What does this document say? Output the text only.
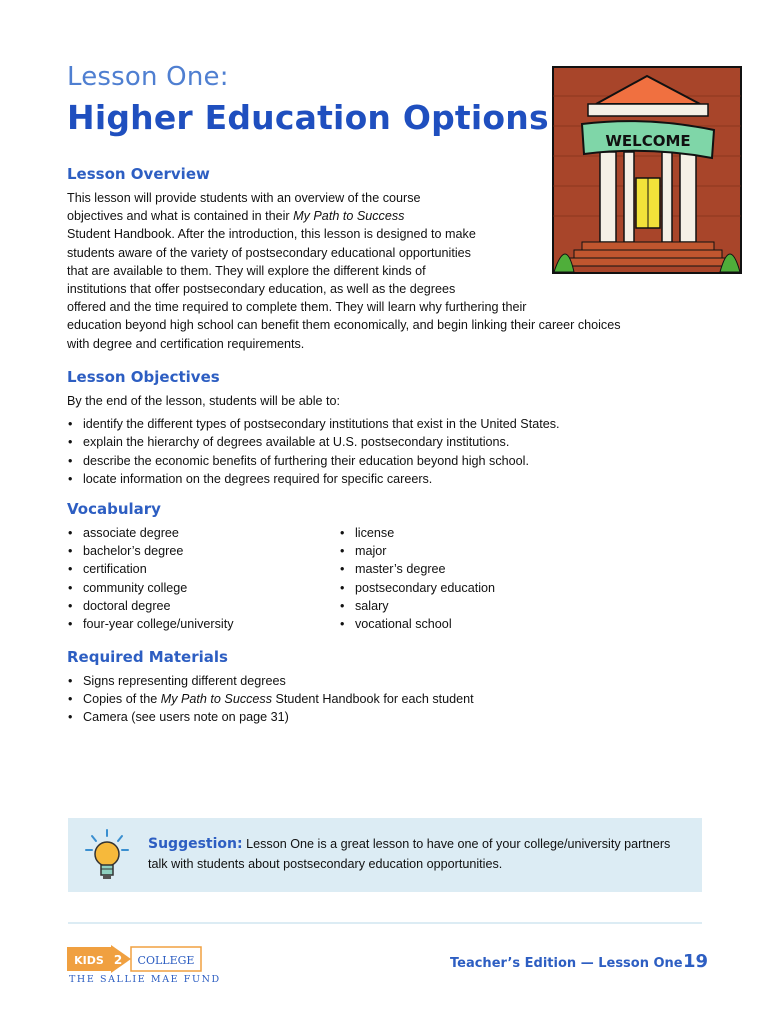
Lesson One:
Higher Education Options
WELCOME
Lesson Overview

This lesson will provide students with an overview of the course

objectives and what is contained in their My Path to Success

Student Handbook. After the introduction, this lesson is designed to make

students aware of the variety of postsecondary educational opportunities

that are available to them. They will explore the different kinds of

institutions that offer postsecondary education, as well as the degrees

offered and the time required to complete them. They will learn why furthering their

education beyond high school can benefit them economically, and begin linking their career choices

with degree and certification requirements.

Lesson Objectives

By the end of the lesson, students will be able to:

• identify the different types of postsecondary institutions that exist in the United States.
• explain the hierarchy of degrees available at U.S. postsecondary institutions.
• describe the economic benefits of furthering their education beyond high school.
• locate information on the degrees required for specific careers.
Vocabulary
• associate degree
• bachelor’s degree
• certification
• community college
• doctoral degree
• four-year college/university
• license
• major
• master’s degree
• postsecondary education
• salary
• vocational school
Required Materials
• Signs representing different degrees
• Copies of the My Path to Success Student Handbook for each student
• Camera (see users note on page 31)
Suggestion: Lesson One is a great lesson to have one of your college/university partners talk with students about postsecondary education opportunities.
KIDS 2 COLLEGE
THE SALLIE MAE FUND
Teacher’s Edition — Lesson One 19
